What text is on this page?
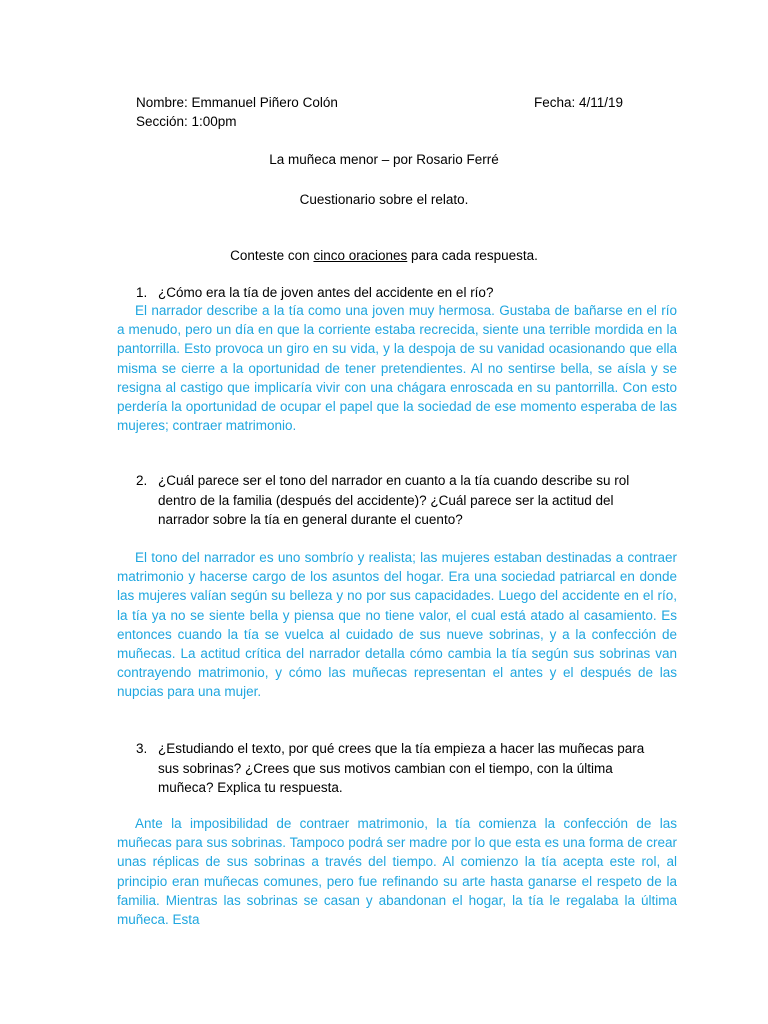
Nombre: Emmanuel Piñero Colón	Fecha: 4/11/19
Sección: 1:00pm
La muñeca menor – por Rosario Ferré
Cuestionario sobre el relato.
Conteste con cinco oraciones para cada respuesta.
1. ¿Cómo era la tía de joven antes del accidente en el río?
El narrador describe a la tía como una joven muy hermosa. Gustaba de bañarse en el río a menudo, pero un día en que la corriente estaba recrecida, siente una terrible mordida en la pantorrilla. Esto provoca un giro en su vida, y la despoja de su vanidad ocasionando que ella misma se cierre a la oportunidad de tener pretendientes. Al no sentirse bella, se aísla y se resigna al castigo que implicaría vivir con una chágara enroscada en su pantorrilla. Con esto perdería la oportunidad de ocupar el papel que la sociedad de ese momento esperaba de las mujeres; contraer matrimonio.
2. ¿Cuál parece ser el tono del narrador en cuanto a la tía cuando describe su rol dentro de la familia (después del accidente)? ¿Cuál parece ser la actitud del narrador sobre la tía en general durante el cuento?
El tono del narrador es uno sombrío y realista; las mujeres estaban destinadas a contraer matrimonio y hacerse cargo de los asuntos del hogar. Era una sociedad patriarcal en donde las mujeres valían según su belleza y no por sus capacidades. Luego del accidente en el río, la tía ya no se siente bella y piensa que no tiene valor, el cual está atado al casamiento. Es entonces cuando la tía se vuelca al cuidado de sus nueve sobrinas, y a la confección de muñecas. La actitud crítica del narrador detalla cómo cambia la tía según sus sobrinas van contrayendo matrimonio, y cómo las muñecas representan el antes y el después de las nupcias para una mujer.
3. ¿Estudiando el texto, por qué crees que la tía empieza a hacer las muñecas para sus sobrinas? ¿Crees que sus motivos cambian con el tiempo, con la última muñeca? Explica tu respuesta.
Ante la imposibilidad de contraer matrimonio, la tía comienza la confección de las muñecas para sus sobrinas. Tampoco podrá ser madre por lo que esta es una forma de crear unas réplicas de sus sobrinas a través del tiempo. Al comienzo la tía acepta este rol, al principio eran muñecas comunes, pero fue refinando su arte hasta ganarse el respeto de la familia. Mientras las sobrinas se casan y abandonan el hogar, la tía le regalaba la última muñeca. Esta
